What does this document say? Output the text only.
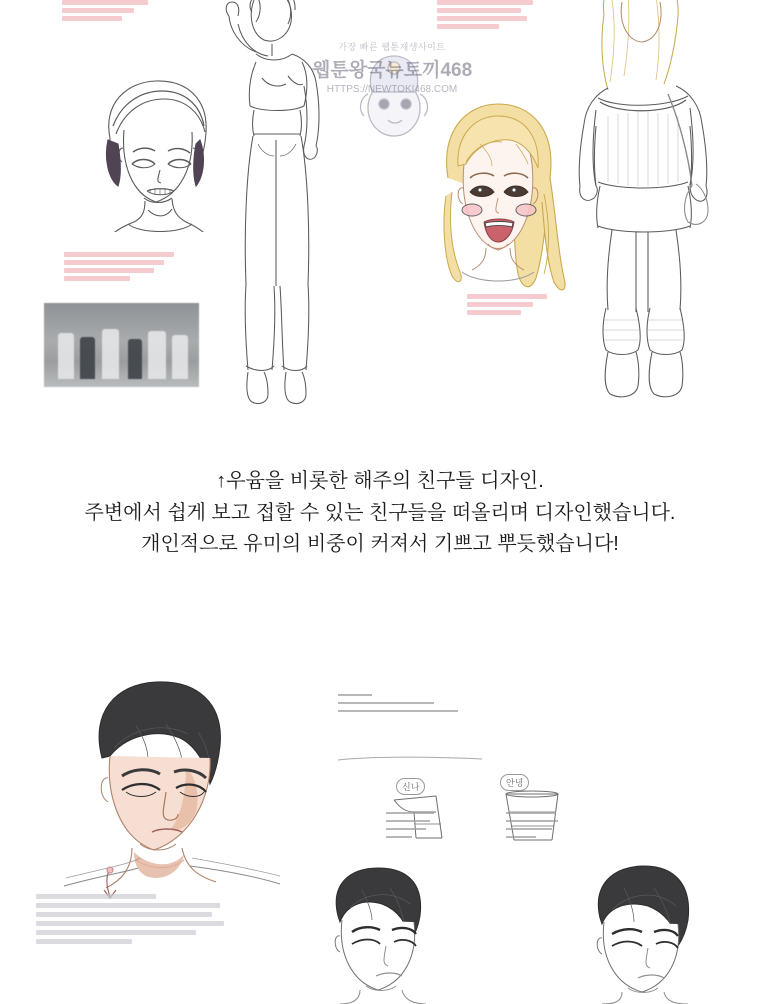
가장 빠른 웹툰재생사이트
웹툰왕국뉴토끼468
HTTPS://NEWTOKI468.COM
↑우윰을 비롯한 해주의 친구들 디자인.
주변에서 쉽게 보고 접할 수 있는 친구들을 떠올리며 디자인했습니다.
개인적으로 유미의 비중이 커져서 기쁘고 뿌듯했습니다!
신나	안녕
